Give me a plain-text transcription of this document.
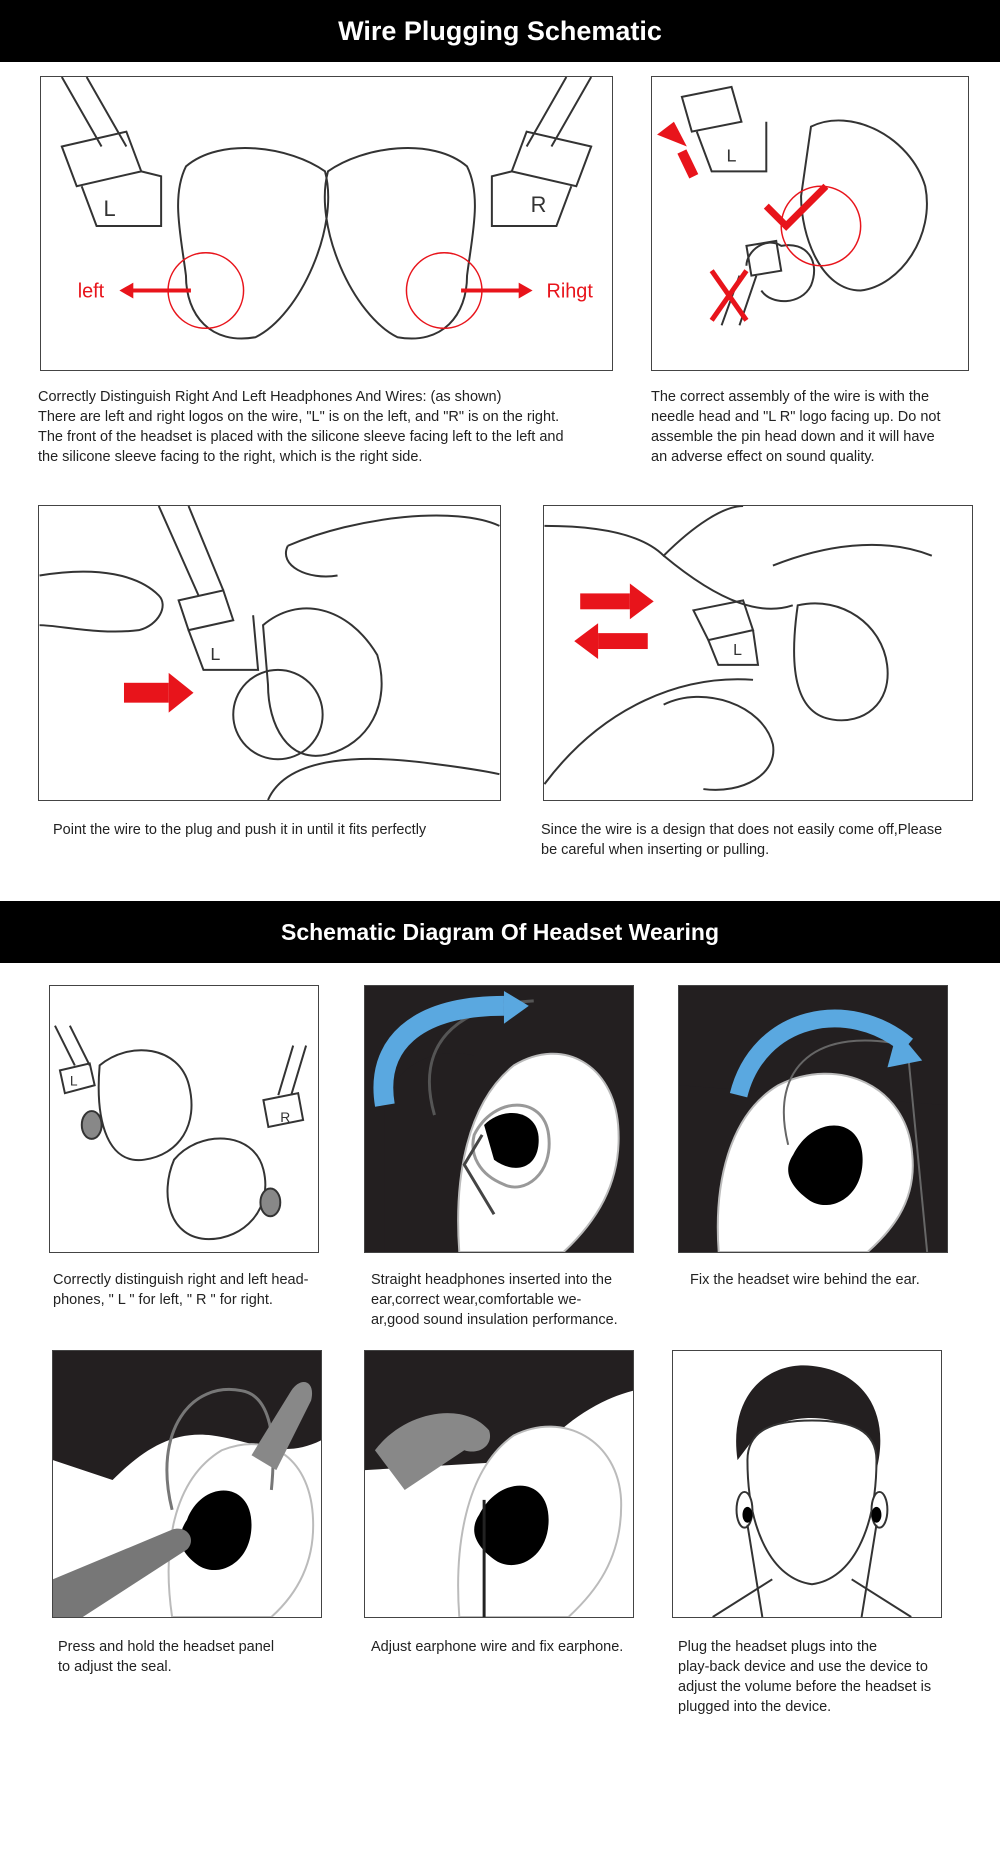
Wire Plugging Schematic
L	R
left	Rihgt
L

Correctly Distinguish Right And Left Headphones And Wires: (as shown)

There are left and right logos on the wire, "L" is on the left, and "R" is on the right.

The front of the headset is placed with the silicone sleeve facing left to the left and

the silicone sleeve facing to the right, which is the right side.

The correct assembly of the wire is with the

needle head and "L R" logo facing up. Do not

assemble the pin head down and it will have

an adverse effect on sound quality.

L	L

Point the wire to the plug and push it in until it fits perfectly	Since the wire is a design that does not easily come off,Please

be careful when inserting or pulling.

Schematic Diagram Of Headset Wearing
L
R

Correctly distinguish right and left head-

phones, " L " for left, " R " for right.

Straight headphones inserted into the

ear,correct wear,comfortable we-

ar,good sound insulation performance.

Fix the headset wire behind the ear.

Press and hold the headset panel

to adjust the seal.

Adjust earphone wire and fix earphone.	Plug the headset plugs into the

play-back device and use the device to

adjust the volume before the headset is

plugged into the device.
